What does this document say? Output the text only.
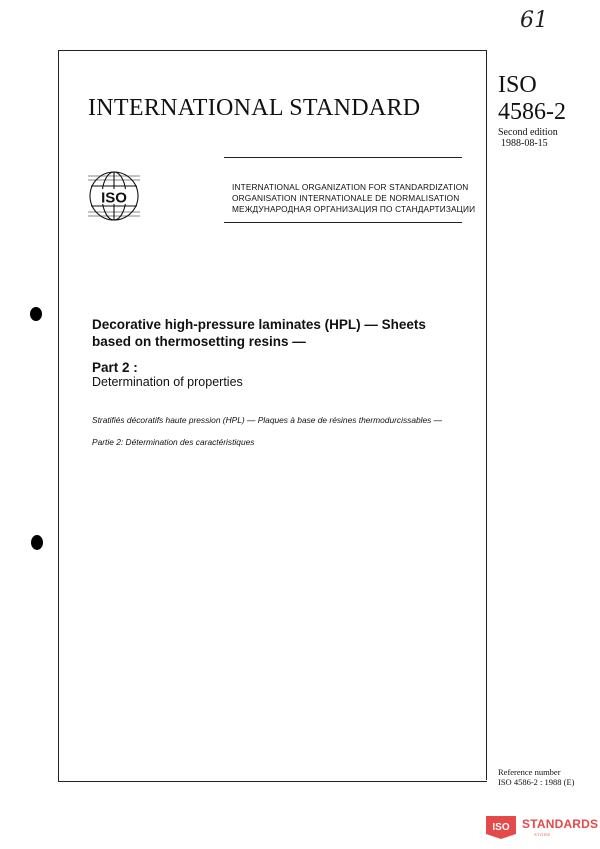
61
INTERNATIONAL STANDARD
ISO
4586-2
Second edition
1988-08-15
ISO
INTERNATIONAL ORGANIZATION FOR STANDARDIZATION
ORGANISATION INTERNATIONALE DE NORMALISATION
МЕЖДУНАРОДНАЯ ОРГАНИЗАЦИЯ ПО СТАНДАРТИЗАЦИИ
Decorative high-pressure laminates (HPL) — Sheets based on thermosetting resins —
Part 2 :
Determination of properties
Stratifiés décoratifs haute pression (HPL) — Plaques à base de résines thermodurcissables —
Partie 2: Détermination des caractéristiques
Reference number
ISO 4586-2 : 1988 (E)
ISO STANDARDS
STORE
